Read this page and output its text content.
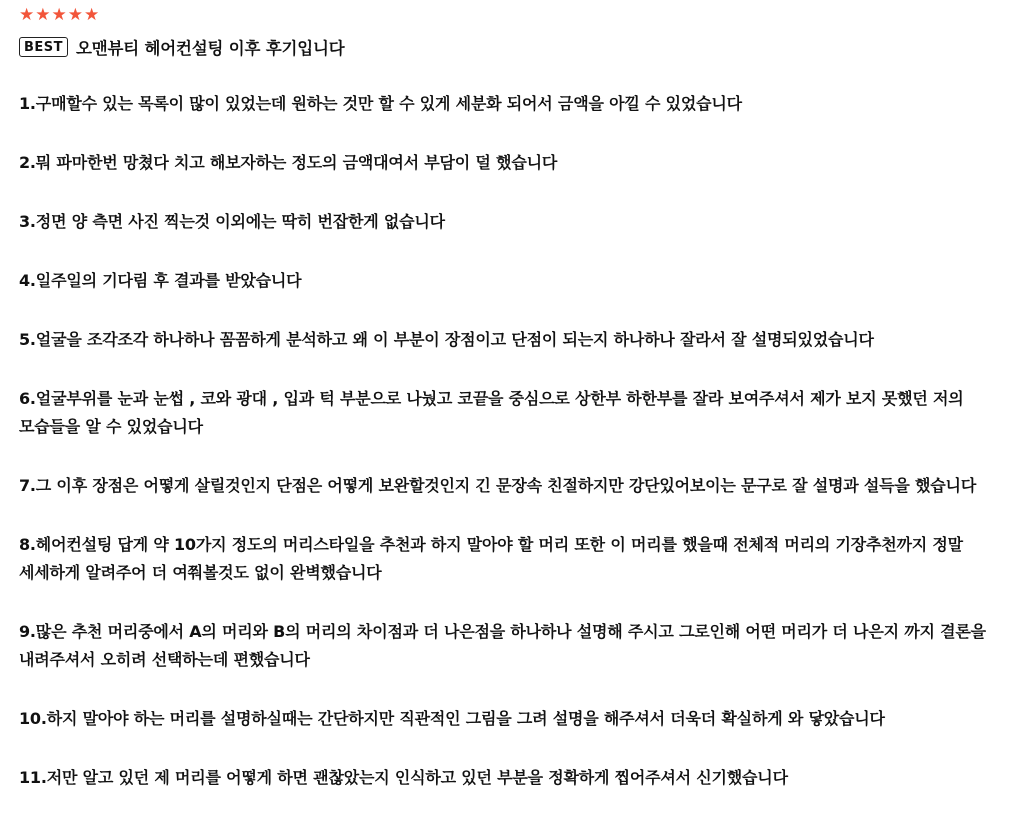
★ ★ ★ ★ ★
BEST 오맨뷰티 헤어컨설팅 이후 후기입니다

1.구매할수 있는 목록이 많이 있었는데 원하는 것만 할 수 있게 세분화 되어서 금액을 아낄 수 있었습니다

2.뭐 파마한번 망쳤다 치고 해보자하는 정도의 금액대여서 부담이 덜 했습니다

3.정면 양 측면 사진 찍는것 이외에는 딱히 번잡한게 없습니다

4.일주일의 기다림 후 결과를 받았습니다

5.얼굴을 조각조각 하나하나 꼼꼼하게 분석하고 왜 이 부분이 장점이고 단점이 되는지 하나하나 잘라서 잘 설명되있었습니다

6.얼굴부위를 눈과 눈썹 , 코와 광대 , 입과 턱 부분으로 나눴고 코끝을 중심으로 상한부 하한부를 잘라 보여주셔서 제가 보지 못했던 저의 모습들을 알 수 있었습니다

7.그 이후 장점은 어떻게 살릴것인지 단점은 어떻게 보완할것인지 긴 문장속 친절하지만 강단있어보이는 문구로 잘 설명과 설득을 했습니다

8.헤어컨설팅 답게 약 10가지 정도의 머리스타일을 추천과 하지 말아야 할 머리 또한 이 머리를 했을때 전체적 머리의 기장추천까지 정말 세세하게 알려주어 더 여쭤볼것도 없이 완벽했습니다

9.많은 추천 머리중에서 A의 머리와 B의 머리의 차이점과 더 나은점을 하나하나 설명해 주시고 그로인해 어떤 머리가 더 나은지 까지 결론을 내려주셔서 오히려 선택하는데 편했습니다

10.하지 말아야 하는 머리를 설명하실때는 간단하지만 직관적인 그림을 그려 설명을 해주셔서 더욱더 확실하게 와 닿았습니다

11.저만 알고 있던 제 머리를 어떻게 하면 괜찮았는지 인식하고 있던 부분을 정확하게 찝어주셔서 신기했습니다
